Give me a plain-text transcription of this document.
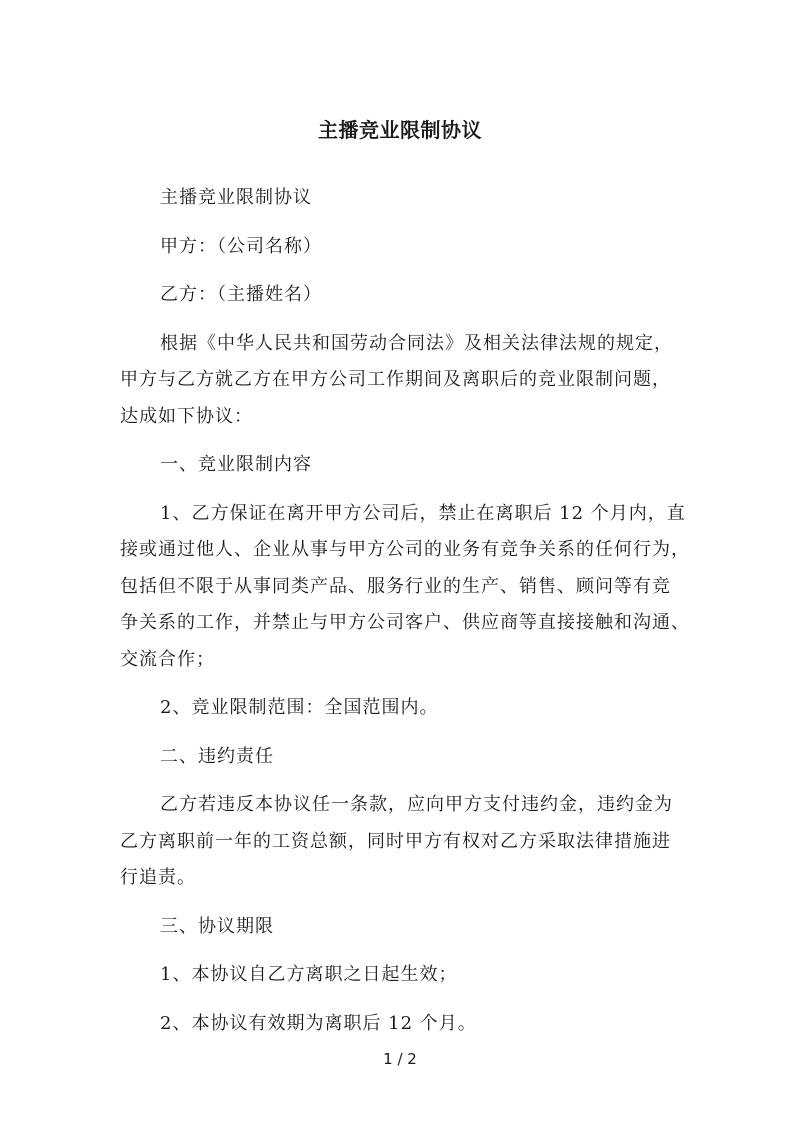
主播竞业限制协议

主播竞业限制协议

甲方：（公司名称）

乙方：（主播姓名）

根据《中华人民共和国劳动合同法》及相关法律法规的规定，
甲方与乙方就乙方在甲方公司工作期间及离职后的竞业限制问题，
达成如下协议：

一、竞业限制内容

1、乙方保证在离开甲方公司后，禁止在离职后 12 个月内，直
接或通过他人、企业从事与甲方公司的业务有竞争关系的任何行为，
包括但不限于从事同类产品、服务行业的生产、销售、顾问等有竞
争关系的工作，并禁止与甲方公司客户、供应商等直接接触和沟通、
交流合作；

2、竞业限制范围：全国范围内。

二、违约责任

乙方若违反本协议任一条款，应向甲方支付违约金，违约金为
乙方离职前一年的工资总额，同时甲方有权对乙方采取法律措施进
行追责。

三、协议期限

1、本协议自乙方离职之日起生效；

2、本协议有效期为离职后 12 个月。

1 / 2
